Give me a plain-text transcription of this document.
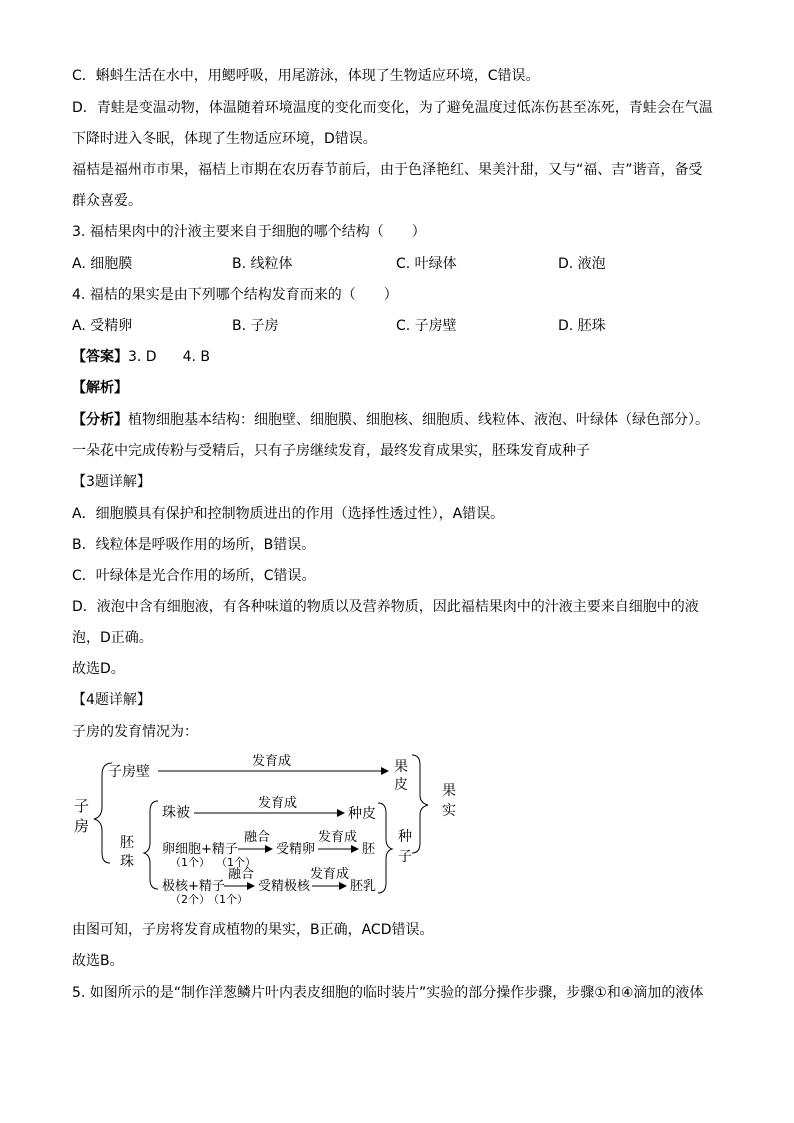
C．蝌蚪生活在水中，用鳃呼吸，用尾游泳，体现了生物适应环境，C错误。
D．青蛙是变温动物，体温随着环境温度的变化而变化，为了避免温度过低冻伤甚至冻死，青蛙会在气温
下降时进入冬眠，体现了生物适应环境，D错误。
福桔是福州市市果，福桔上市期在农历春节前后，由于色泽艳红、果美汁甜，又与“福、吉”谐音，备受
群众喜爱。
3. 福桔果肉中的汁液主要来自于细胞的哪个结构（　　）
A. 细胞膜	B. 线粒体	C. 叶绿体	D. 液泡
4. 福桔的果实是由下列哪个结构发育而来的（　　）
A. 受精卵	B. 子房	C. 子房壁	D. 胚珠
【答案】3. D 4. B
【解析】
【分析】植物细胞基本结构：细胞壁、细胞膜、细胞核、细胞质、线粒体、液泡、叶绿体（绿色部分）。
一朵花中完成传粉与受精后，只有子房继续发育，最终发育成果实，胚珠发育成种子
【3题详解】
A．细胞膜具有保护和控制物质进出的作用（选择性透过性），A错误。
B．线粒体是呼吸作用的场所，B错误。
C．叶绿体是光合作用的场所，C错误。
D．液泡中含有细胞液，有各种味道的物质以及营养物质，因此福桔果肉中的汁液主要来自细胞中的液
泡，D正确。
故选D。
【4题详解】
子房的发育情况为：
子
房
子房壁
发育成	果
皮 果
实
胚
珠
珠被
发育成
种皮
卵细胞+精子
融合
受精卵
发育成
胚
（1个） （1个）
极核+精子
融合
受精极核
发育成
胚乳
（2个）
（1个）
种
子
由图可知，子房将发育成植物的果实，B正确，ACD错误。
故选B。
5. 如图所示的是“制作洋葱鳞片叶内表皮细胞的临时装片”实验的部分操作步骤，步骤①和④滴加的液体
